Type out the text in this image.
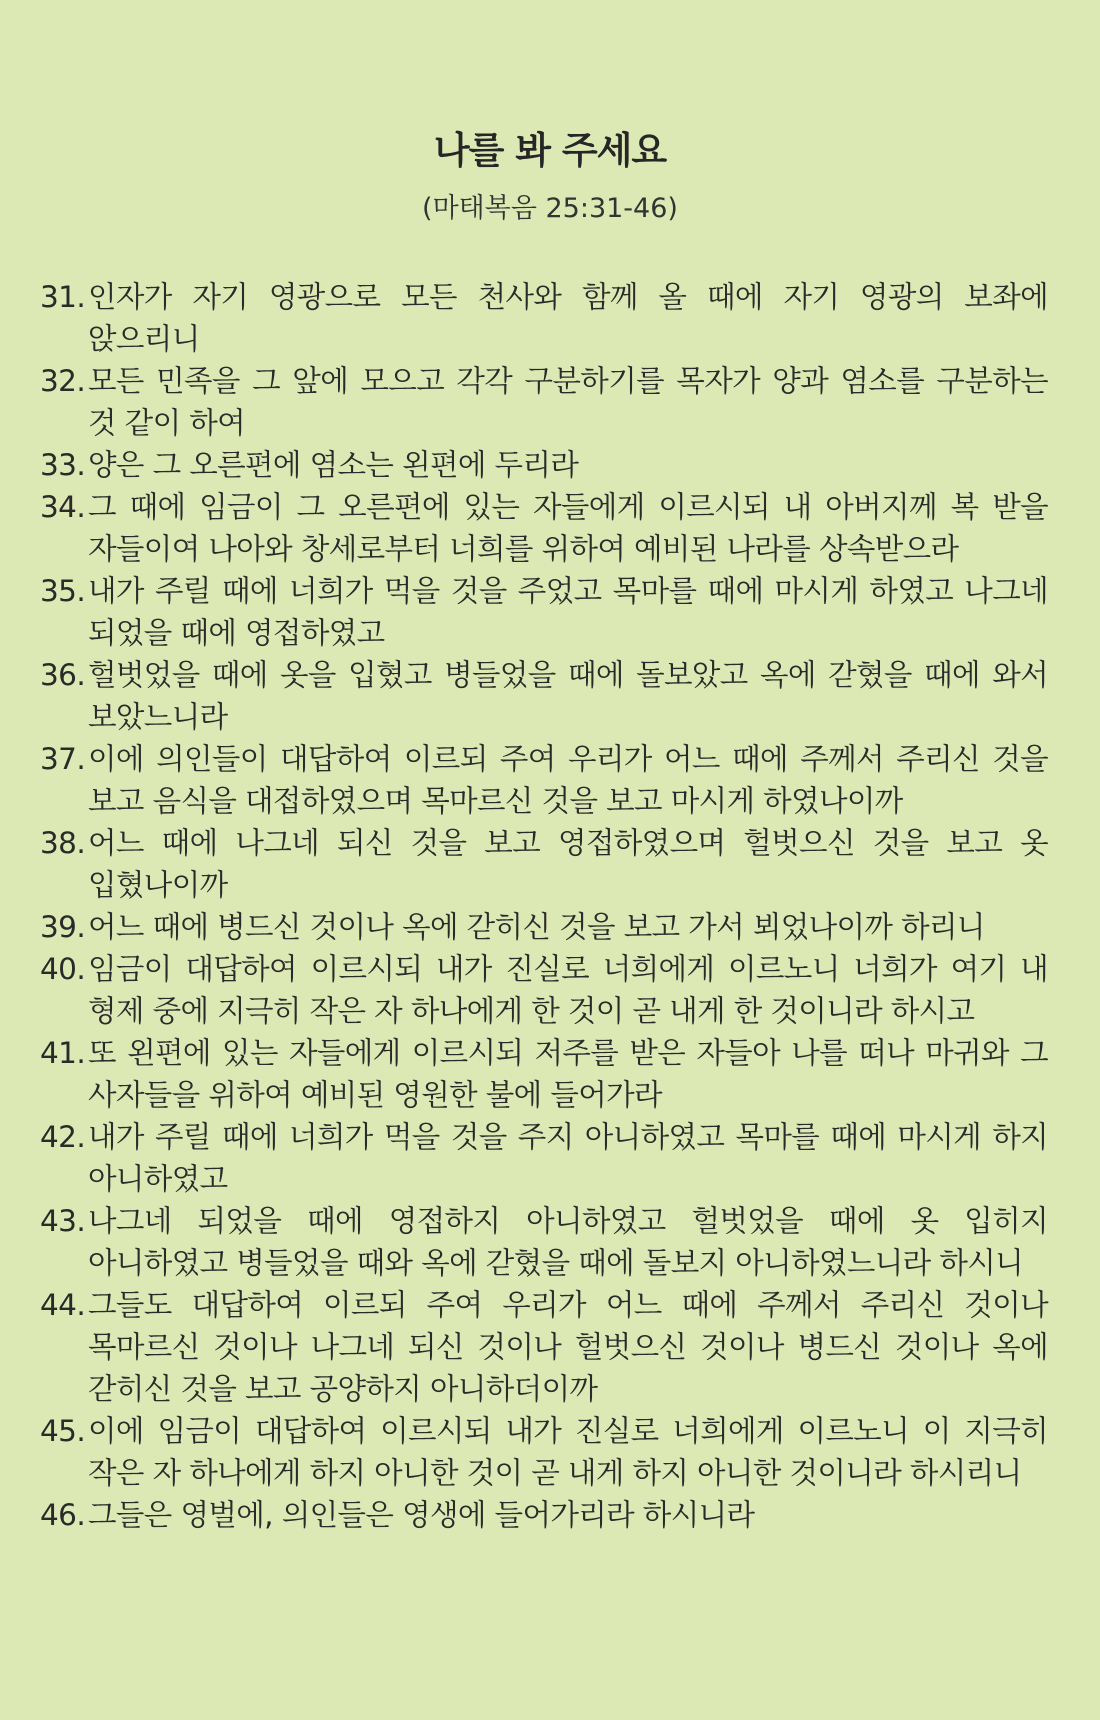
나를 봐 주세요
(마태복음 25:31-46)
31. 인자가 자기 영광으로 모든 천사와 함께 올 때에 자기 영광의 보좌에 앉으리니
32. 모든 민족을 그 앞에 모으고 각각 구분하기를 목자가 양과 염소를 구분하는 것 같이 하여
33. 양은 그 오른편에 염소는 왼편에 두리라
34. 그 때에 임금이 그 오른편에 있는 자들에게 이르시되 내 아버지께 복 받을 자들이여 나아와 창세로부터 너희를 위하여 예비된 나라를 상속받으라
35. 내가 주릴 때에 너희가 먹을 것을 주었고 목마를 때에 마시게 하였고 나그네 되었을 때에 영접하였고
36. 헐벗었을 때에 옷을 입혔고 병들었을 때에 돌보았고 옥에 갇혔을 때에 와서 보았느니라
37. 이에 의인들이 대답하여 이르되 주여 우리가 어느 때에 주께서 주리신 것을 보고 음식을 대접하였으며 목마르신 것을 보고 마시게 하였나이까
38. 어느 때에 나그네 되신 것을 보고 영접하였으며 헐벗으신 것을 보고 옷 입혔나이까
39. 어느 때에 병드신 것이나 옥에 갇히신 것을 보고 가서 뵈었나이까 하리니
40. 임금이 대답하여 이르시되 내가 진실로 너희에게 이르노니 너희가 여기 내 형제 중에 지극히 작은 자 하나에게 한 것이 곧 내게 한 것이니라 하시고
41. 또 왼편에 있는 자들에게 이르시되 저주를 받은 자들아 나를 떠나 마귀와 그 사자들을 위하여 예비된 영원한 불에 들어가라
42. 내가 주릴 때에 너희가 먹을 것을 주지 아니하였고 목마를 때에 마시게 하지 아니하였고
43. 나그네 되었을 때에 영접하지 아니하였고 헐벗었을 때에 옷 입히지 아니하였고 병들었을 때와 옥에 갇혔을 때에 돌보지 아니하였느니라 하시니
44. 그들도 대답하여 이르되 주여 우리가 어느 때에 주께서 주리신 것이나 목마르신 것이나 나그네 되신 것이나 헐벗으신 것이나 병드신 것이나 옥에 갇히신 것을 보고 공양하지 아니하더이까
45. 이에 임금이 대답하여 이르시되 내가 진실로 너희에게 이르노니 이 지극히 작은 자 하나에게 하지 아니한 것이 곧 내게 하지 아니한 것이니라 하시리니
46. 그들은 영벌에, 의인들은 영생에 들어가리라 하시니라
